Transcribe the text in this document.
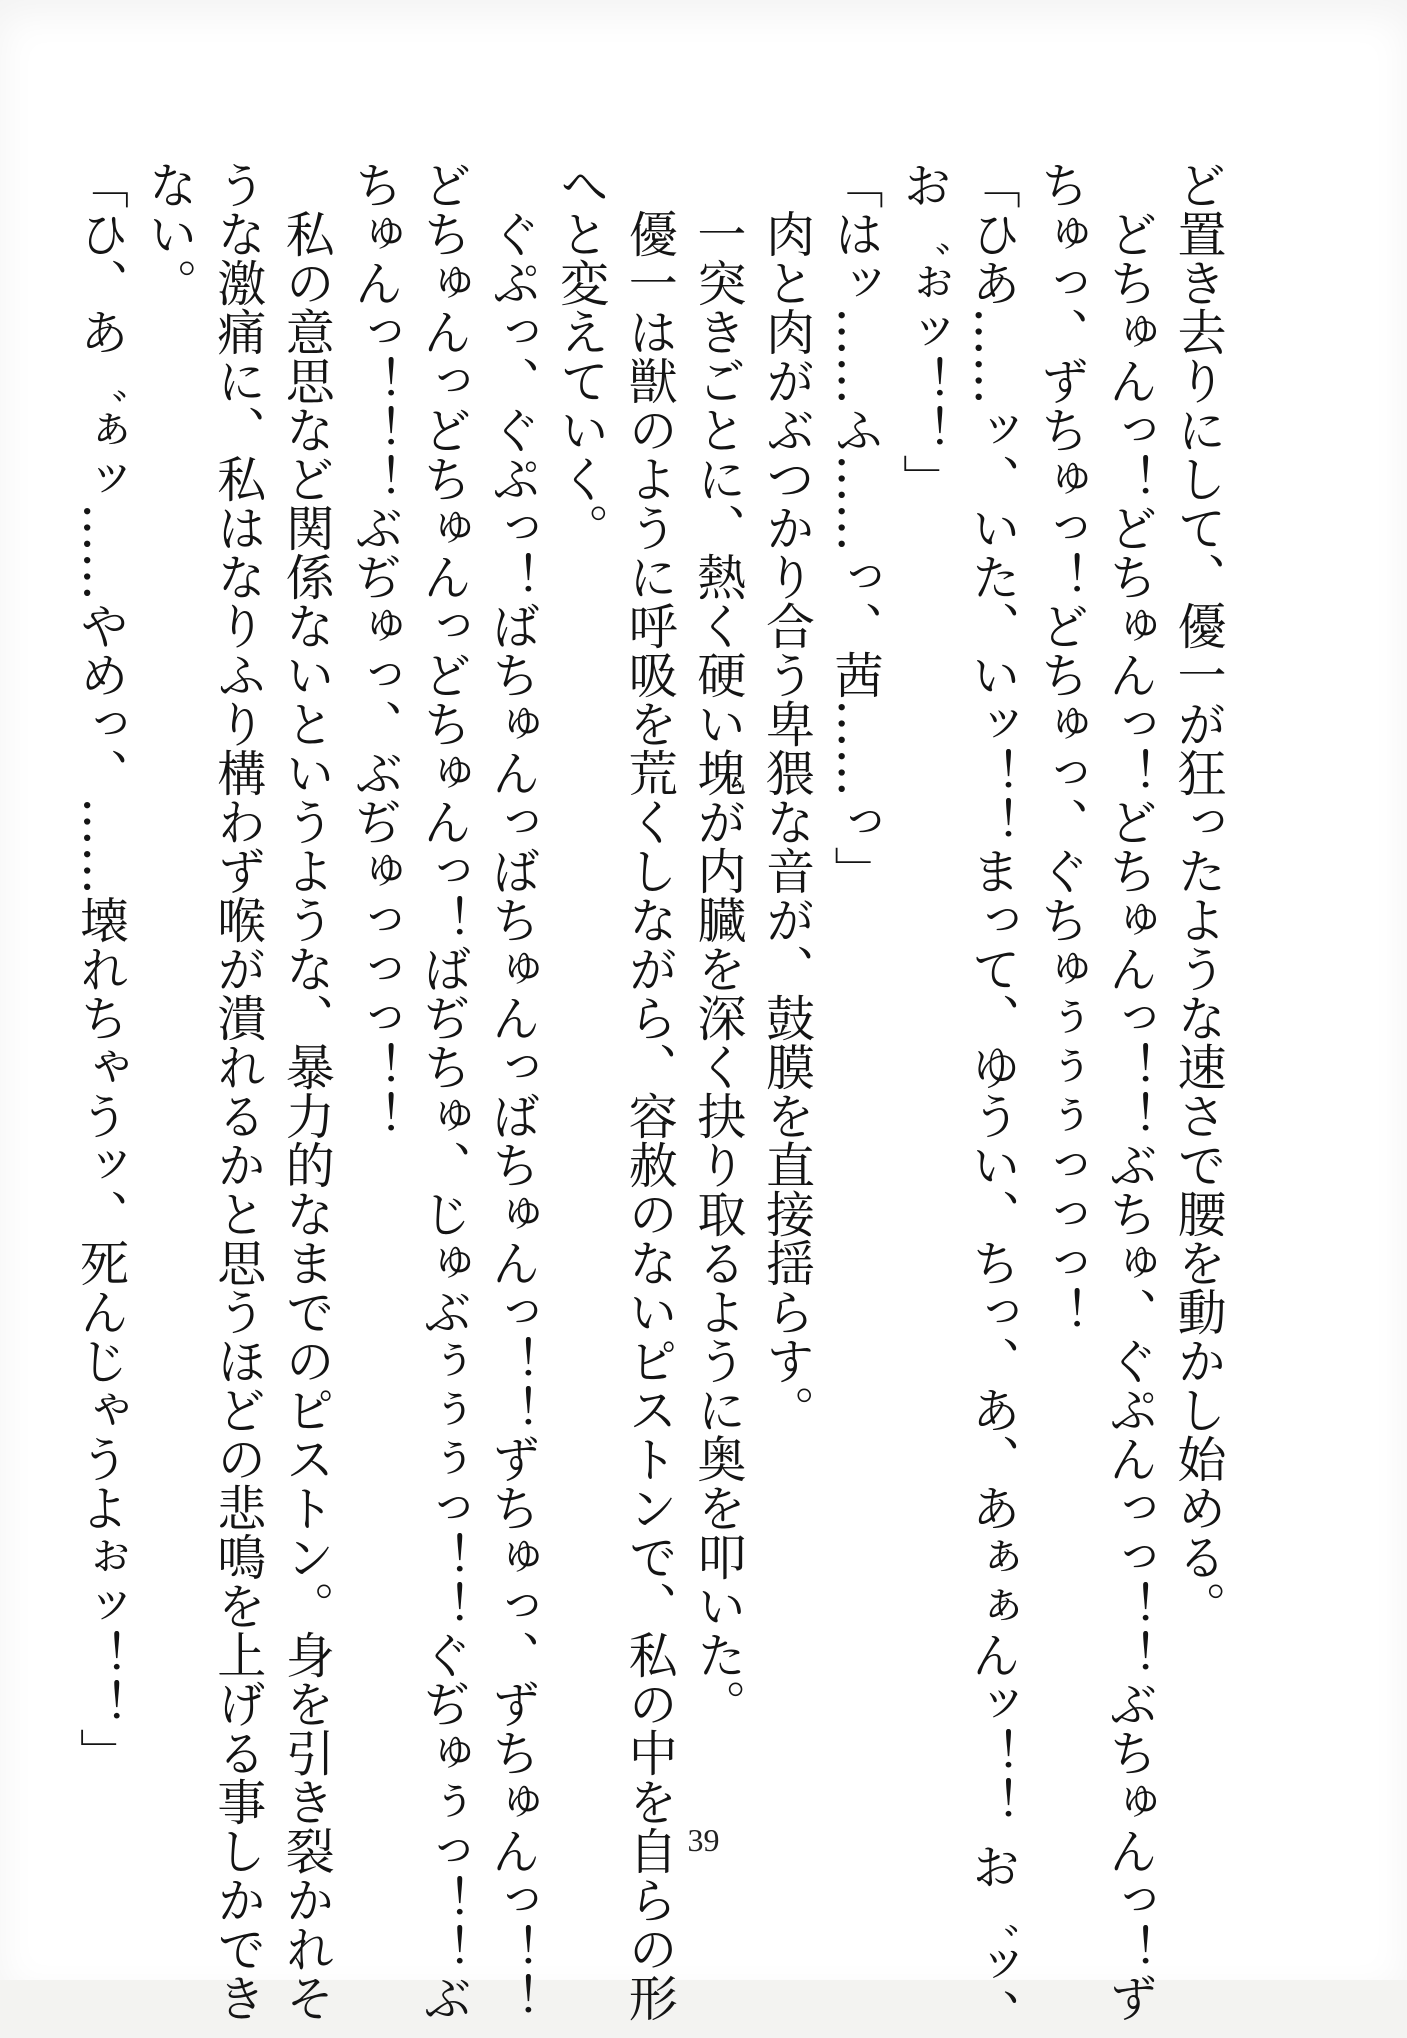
ど置き去りにして、優一が狂ったような速さで腰を動かし始める。

どちゅんっ！どちゅんっ！どちゅんっ！！ぶちゅ、ぐぷんっっ！！ぶちゅんっ！ず

ちゅっ、ずちゅっ！どちゅっ、ぐちゅぅぅぅっっっ！

「ひあ……ッ、いた、いッ！！まって、ゆうい、ちっ、あ、あぁぁんッ！！ お゛ッ、

お゛ぉッ！！」

「はッ……ふ……っ、茜……っ」

肉と肉がぶつかり合う卑猥な音が、鼓膜を直接揺らす。

一突きごとに、熱く硬い塊が内臓を深く抉り取るように奥を叩いた。

優一は獣のように呼吸を荒くしながら、容赦のないピストンで、私の中を自らの形

へと変えていく。

ぐぷっ、ぐぷっ！ばちゅんっばちゅんっばちゅんっ！！ずちゅっ、ずちゅんっ！！

どちゅんっどちゅんっどちゅんっ！ばぢちゅ、じゅぶぅぅぅっ！！ぐぢゅぅっ！！ぶ

ちゅんっ！！！ぶぢゅっ、ぶぢゅっっっ！！

私の意思など関係ないというような、暴力的なまでのピストン。身を引き裂かれそ

うな激痛に、私はなりふり構わず喉が潰れるかと思うほどの悲鳴を上げる事しかでき

ない。

「ひ、あ゛ぁッ……やめっ、……壊れちゃうッ、死んじゃうよぉッ！！」

39
